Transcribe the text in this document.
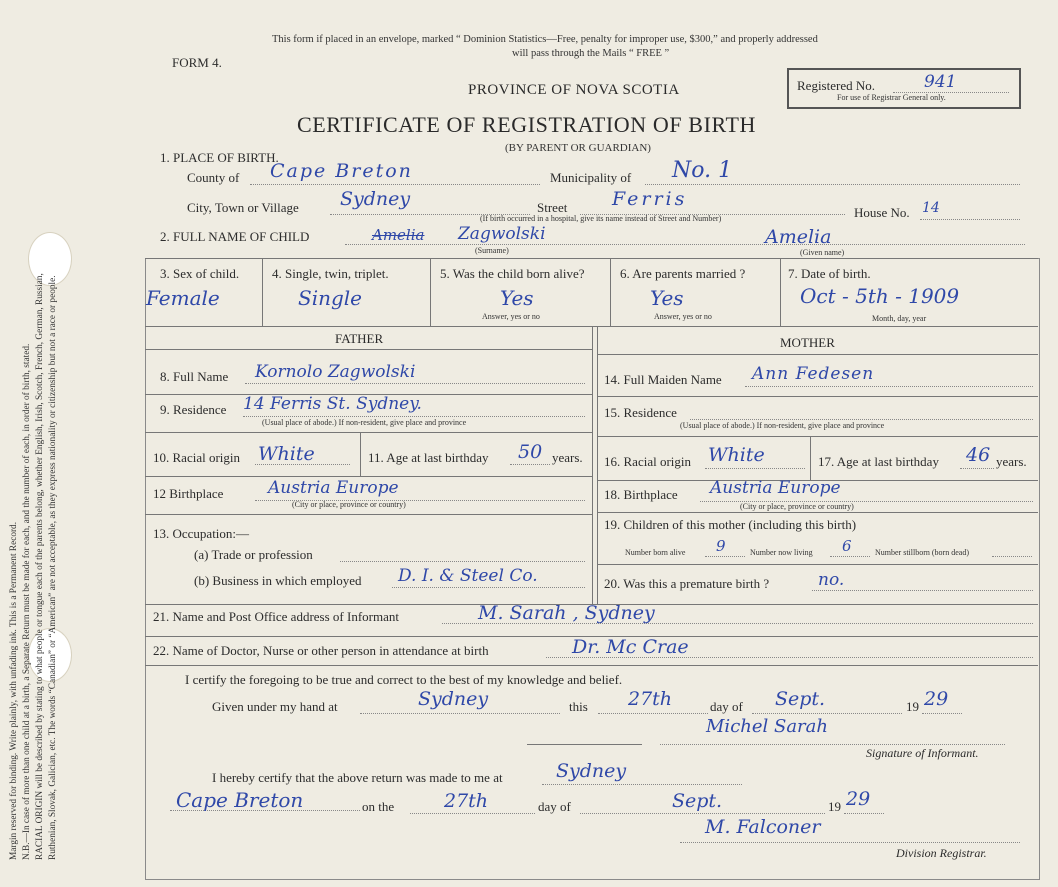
Margin reserved for binding. Write plainly, with unfading ink. This is a Permanent Record. N.B.—In case of more than one child at a birth, a Separate Return must be made for each, and the number of each, in order of birth, stated. RACIAL ORIGIN will be described by stating to what people or tongue each of the parents belong, whether English, Irish, Scotch, French, German, Russian, Ruthenian, Slovak, Galician, etc. The words “Canadian” or “American” are not acceptable, as they express nationality or citizenship but not a race or people.
This form if placed in an envelope, marked “ Dominion Statistics—Free, penalty for improper use, $300,” and properly addressed
will pass through the Mails “ FREE ”
FORM 4.
PROVINCE OF NOVA SCOTIA	Registered No.	941
For use of Registrar General only.
CERTIFICATE OF REGISTRATION OF BIRTH
(BY PARENT OR GUARDIAN)
1. PLACE OF BIRTH.
County of Cape Breton	Municipality of No. 1
City, Town or Village Sydney	Street Ferris
(If birth occurred in a hospital, give its name instead of Street and Number)	House No. 14
2. FULL NAME OF CHILD	Amelia Zagwolski	Amelia
(Surname)	(Given name)
3. Sex of child.
Female
4. Single, twin, triplet.
Single
5. Was the child born alive?
Yes
Answer, yes or no
6. Are parents married ?
Yes
Answer, yes or no
7. Date of birth.
Oct - 5th - 1909
Month, day, year
FATHER	MOTHER
8. Full Name Kornolo Zagwolski
9. Residence 14 Ferris St. Sydney.
(Usual place of abode.) If non-resident, give place and province
10. Racial origin White	11. Age at last birthday 50 years.
12 Birthplace	Austria Europe
(City or place, province or country)
13. Occupation:—
(a) Trade or profession
(b) Business in which employed D. I. & Steel Co.
14. Full Maiden Name Ann Fedesen
15. Residence
(Usual place of abode.) If non-resident, give place and province
16. Racial origin White	17. Age at last birthday 46 years.
18. Birthplace Austria Europe
(City or place, province or country)
19. Children of this mother (including this birth)
Number born alive 9	Number now living 6	Number stillborn (born dead)
20. Was this a premature birth ?	no.
21. Name and Post Office address of Informant	M. Sarah , Sydney
22. Name of Doctor, Nurse or other person in attendance at birth	Dr. Mc Crae
I certify the foregoing to be true and correct to the best of my knowledge and belief.
Given under my hand at	Sydney	this 27th	day of Sept.	19 29
Michel Sarah
Signature of Informant.
I hereby certify that the above return was made to me at	Sydney
Cape Breton	on the	27th	day of	Sept.	19 29
M. Falconer
Division Registrar.
